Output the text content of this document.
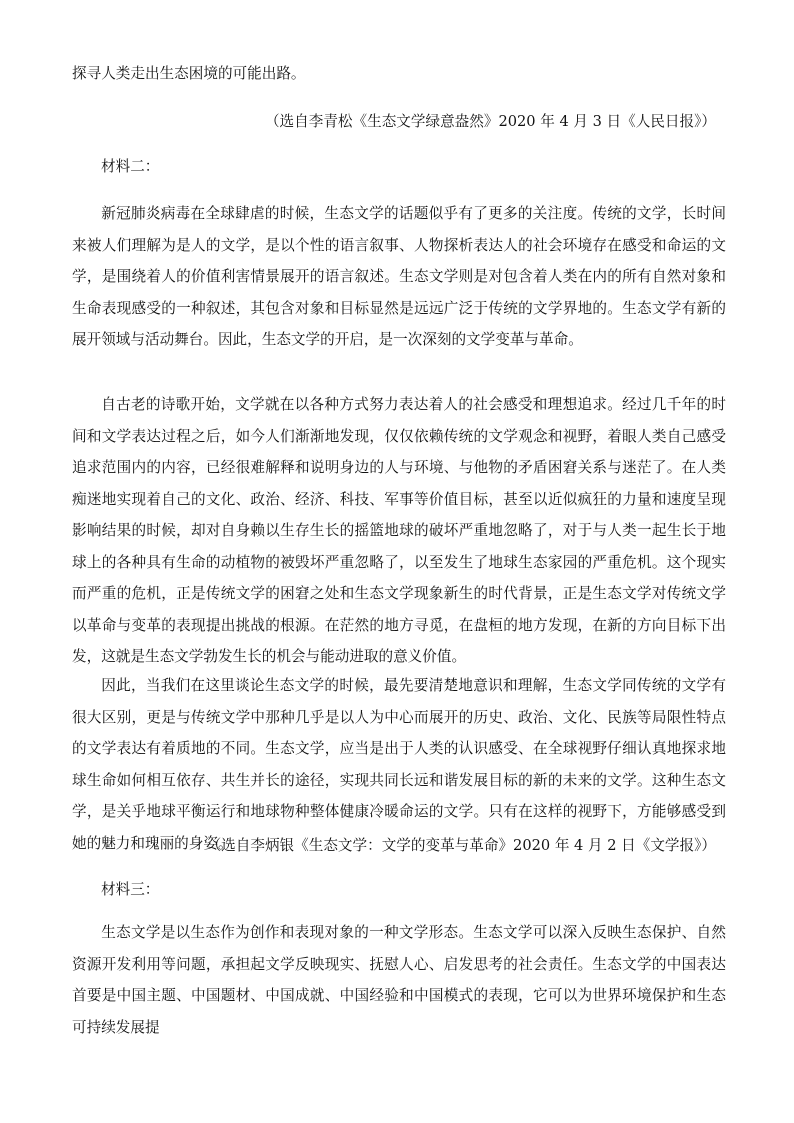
探寻人类走出生态困境的可能出路。

（选自李青松《生态文学绿意盎然》2020 年 4 月 3 日《人民日报》）

材料二：

新冠肺炎病毒在全球肆虐的时候，生态文学的话题似乎有了更多的关注度。传统的文学，长时间来被人们理解为是人的文学，是以个性的语言叙事、人物探析表达人的社会环境存在感受和命运的文学，是围绕着人的价值利害情景展开的语言叙述。生态文学则是对包含着人类在内的所有自然对象和生命表现感受的一种叙述，其包含对象和目标显然是远远广泛于传统的文学界地的。生态文学有新的展开领域与活动舞台。因此，生态文学的开启，是一次深刻的文学变革与革命。

自古老的诗歌开始，文学就在以各种方式努力表达着人的社会感受和理想追求。经过几千年的时间和文学表达过程之后，如今人们渐渐地发现，仅仅依赖传统的文学观念和视野，着眼人类自己感受追求范围内的内容，已经很难解释和说明身边的人与环境、与他物的矛盾困窘关系与迷茫了。在人类痴迷地实现着自己的文化、政治、经济、科技、军事等价值目标，甚至以近似疯狂的力量和速度呈现影响结果的时候，却对自身赖以生存生长的摇篮地球的破坏严重地忽略了，对于与人类一起生长于地球上的各种具有生命的动植物的被毁坏严重忽略了，以至发生了地球生态家园的严重危机。这个现实而严重的危机，正是传统文学的困窘之处和生态文学现象新生的时代背景，正是生态文学对传统文学以革命与变革的表现提出挑战的根源。在茫然的地方寻觅，在盘桓的地方发现，在新的方向目标下出发，这就是生态文学勃发生长的机会与能动进取的意义价值。

因此，当我们在这里谈论生态文学的时候，最先要清楚地意识和理解，生态文学同传统的文学有很大区别，更是与传统文学中那种几乎是以人为中心而展开的历史、政治、文化、民族等局限性特点的文学表达有着质地的不同。生态文学，应当是出于人类的认识感受、在全球视野仔细认真地探求地球生命如何相互依存、共生并长的途径，实现共同长远和谐发展目标的新的未来的文学。这种生态文学，是关乎地球平衡运行和地球物种整体健康冷暖命运的文学。只有在这样的视野下，方能够感受到她的魅力和瑰丽的身姿。

（选自李炳银《生态文学：文学的变革与革命》2020 年 4 月 2 日《文学报》）

材料三：

生态文学是以生态作为创作和表现对象的一种文学形态。生态文学可以深入反映生态保护、自然资源开发利用等问题，承担起文学反映现实、抚慰人心、启发思考的社会责任。生态文学的中国表达首要是中国主题、中国题材、中国成就、中国经验和中国模式的表现，它可以为世界环境保护和生态可持续发展提
